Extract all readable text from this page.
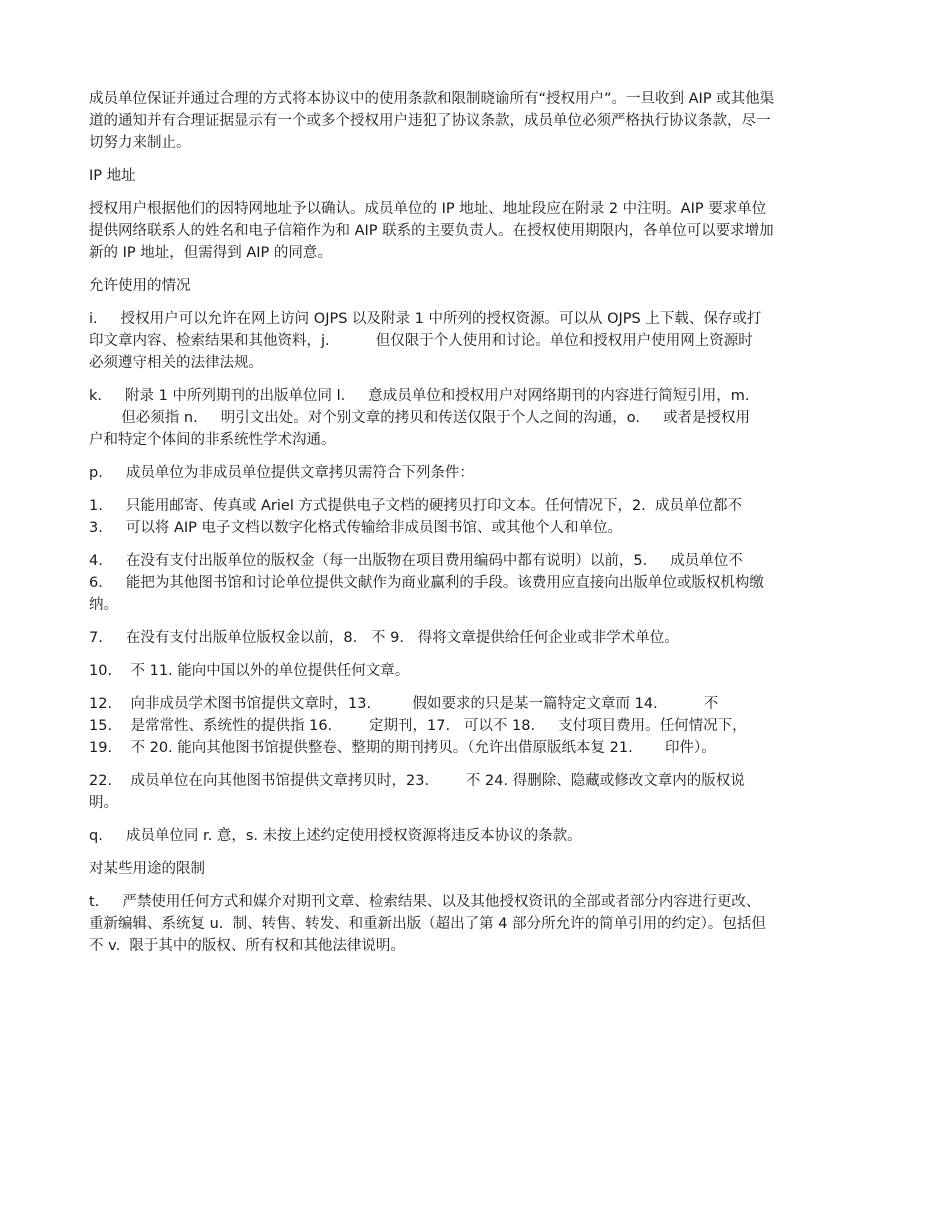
成员单位保证并通过合理的方式将本协议中的使用条款和限制晓谕所有“授权用户”。一旦收到 AIP 或其他渠
道的通知并有合理证据显示有一个或多个授权用户违犯了协议条款，成员单位必须严格执行协议条款，尽一
切努力来制止。
IP 地址
授权用户根据他们的因特网地址予以确认。成员单位的 IP 地址、地址段应在附录 2 中注明。AIP 要求单位
提供网络联系人的姓名和电子信箱作为和 AIP 联系的主要负责人。在授权使用期限内，各单位可以要求增加
新的 IP 地址，但需得到 AIP 的同意。
允许使用的情况
i.     授权用户可以允许在网上访问 OJPS 以及附录 1 中所列的授权资源。可以从 OJPS 上下载、保存或打
印文章内容、检索结果和其他资料，j.          但仅限于个人使用和讨论。单位和授权用户使用网上资源时
必须遵守相关的法律法规。
k.     附录 1 中所列期刊的出版单位同 l.     意成员单位和授权用户对网络期刊的内容进行简短引用，m.
但必须指 n.     明引文出处。对个别文章的拷贝和传送仅限于个人之间的沟通，o.     或者是授权用
户和特定个体间的非系统性学术沟通。
p.     成员单位为非成员单位提供文章拷贝需符合下列条件：
1.     只能用邮寄、传真或 Ariel 方式提供电子文档的硬拷贝打印文本。任何情况下，2.  成员单位都不
3.     可以将 AIP 电子文档以数字化格式传输给非成员图书馆、或其他个人和单位。
4.     在没有支付出版单位的版权金（每一出版物在项目费用编码中都有说明）以前，5.     成员单位不
6.     能把为其他图书馆和讨论单位提供文献作为商业赢利的手段。该费用应直接向出版单位或版权机构缴
纳。
7.     在没有支付出版单位版权金以前，8.   不 9.   得将文章提供给任何企业或非学术单位。
10.    不 11. 能向中国以外的单位提供任何文章。
12.    向非成员学术图书馆提供文章时，13.         假如要求的只是某一篇特定文章而 14.          不
15.    是常常性、系统性的提供指 16.        定期刊，17.   可以不 18.     支付项目费用。任何情况下，
19.    不 20. 能向其他图书馆提供整卷、整期的期刊拷贝。（允许出借原版纸本复 21.       印件）。
22.    成员单位在向其他图书馆提供文章拷贝时，23.        不 24. 得删除、隐藏或修改文章内的版权说
明。
q.     成员单位同 r. 意，s. 未按上述约定使用授权资源将违反本协议的条款。
对某些用途的限制
t.     严禁使用任何方式和媒介对期刊文章、检索结果、以及其他授权资讯的全部或者部分内容进行更改、
重新编辑、系统复 u.  制、转售、转发、和重新出版（超出了第 4 部分所允许的简单引用的约定）。包括但
不 v.  限于其中的版权、所有权和其他法律说明。
